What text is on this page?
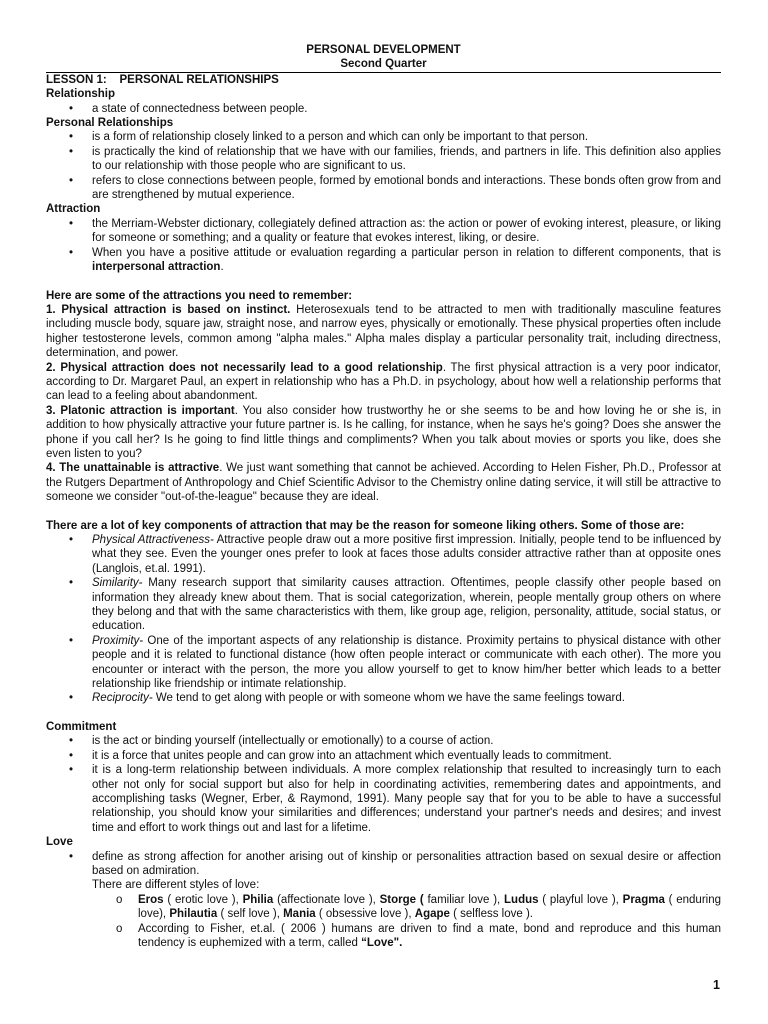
PERSONAL DEVELOPMENT
Second Quarter
LESSON 1:    PERSONAL RELATIONSHIPS
Relationship
• a state of connectedness between people.
Personal Relationships
• is a form of relationship closely linked to a person and which can only be important to that person.
• is practically the kind of relationship that we have with our families, friends, and partners in life. This definition also applies to our relationship with those people who are significant to us.
• refers to close connections between people, formed by emotional bonds and interactions. These bonds often grow from and are strengthened by mutual experience.
Attraction
• the Merriam-Webster dictionary, collegiately defined attraction as: the action or power of evoking interest, pleasure, or liking for someone or something; and a quality or feature that evokes interest, liking, or desire.
• When you have a positive attitude or evaluation regarding a particular person in relation to different components, that is interpersonal attraction.
Here are some of the attractions you need to remember:
1. Physical attraction is based on instinct. Heterosexuals tend to be attracted to men with traditionally masculine features including muscle body, square jaw, straight nose, and narrow eyes, physically or emotionally. These physical properties often include higher testosterone levels, common among "alpha males." Alpha males display a particular personality trait, including directness, determination, and power.
2. Physical attraction does not necessarily lead to a good relationship. The first physical attraction is a very poor indicator, according to Dr. Margaret Paul, an expert in relationship who has a Ph.D. in psychology, about how well a relationship performs that can lead to a feeling about abandonment.
3. Platonic attraction is important. You also consider how trustworthy he or she seems to be and how loving he or she is, in addition to how physically attractive your future partner is. Is he calling, for instance, when he says he's going? Does she answer the phone if you call her? Is he going to find little things and compliments? When you talk about movies or sports you like, does she even listen to you?
4. The unattainable is attractive. We just want something that cannot be achieved. According to Helen Fisher, Ph.D., Professor at the Rutgers Department of Anthropology and Chief Scientific Advisor to the Chemistry online dating service, it will still be attractive to someone we consider "out-of-the-league" because they are ideal.
There are a lot of key components of attraction that may be the reason for someone liking others. Some of those are:
• Physical Attractiveness- Attractive people draw out a more positive first impression. Initially, people tend to be influenced by what they see. Even the younger ones prefer to look at faces those adults consider attractive rather than at opposite ones (Langlois, et.al. 1991).
• Similarity- Many research support that similarity causes attraction. Oftentimes, people classify other people based on information they already knew about them. That is social categorization, wherein, people mentally group others on where they belong and that with the same characteristics with them, like group age, religion, personality, attitude, social status, or education.
• Proximity- One of the important aspects of any relationship is distance. Proximity pertains to physical distance with other people and it is related to functional distance (how often people interact or communicate with each other). The more you encounter or interact with the person, the more you allow yourself to get to know him/her better which leads to a better relationship like friendship or intimate relationship.
• Reciprocity- We tend to get along with people or with someone whom we have the same feelings toward.
Commitment
• is the act or binding yourself (intellectually or emotionally) to a course of action.
• it is a force that unites people and can grow into an attachment which eventually leads to commitment.
• it is a long-term relationship between individuals. A more complex relationship that resulted to increasingly turn to each other not only for social support but also for help in coordinating activities, remembering dates and appointments, and accomplishing tasks (Wegner, Erber, & Raymond, 1991). Many people say that for you to be able to have a successful relationship, you should know your similarities and differences; understand your partner's needs and desires; and invest time and effort to work things out and last for a lifetime.
Love
• define as strong affection for another arising out of kinship or personalities attraction based on sexual desire or affection based on admiration.
There are different styles of love:
o Eros ( erotic love ), Philia (affectionate love ), Storge ( familiar love ), Ludus ( playful love ), Pragma ( enduring love), Philautia ( self love ), Mania ( obsessive love ), Agape ( selfless love ).
o According to Fisher, et.al. ( 2006 ) humans are driven to find a mate, bond and reproduce and this human tendency is euphemized with a term, called “Love".
1
